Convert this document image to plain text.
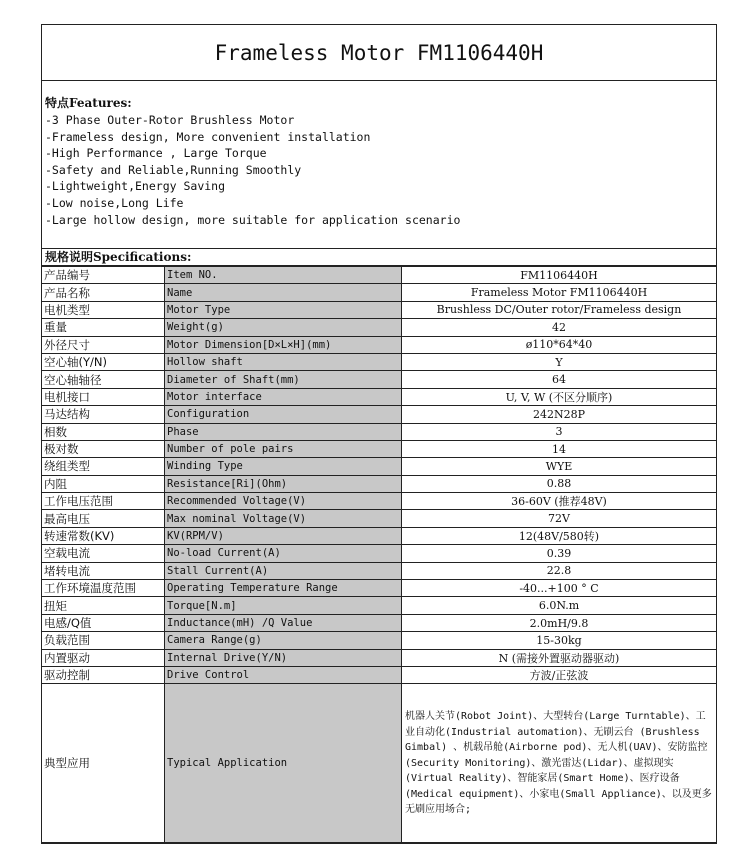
Frameless Motor FM1106440H
特点Features:
-3 Phase Outer-Rotor Brushless Motor
-Frameless design, More convenient installation
-High Performance , Large Torque
-Safety and Reliable,Running Smoothly
-Lightweight,Energy Saving
-Low noise,Long Life
-Large hollow design, more suitable for application scenario
规格说明Specifications:
产品编号	Item NO.	FM1106440H
产品名称	Name	Frameless Motor FM1106440H
电机类型	Motor Type	Brushless DC/Outer rotor/Frameless design
重量	Weight(g)	42
外径尺寸	Motor Dimension[D×L×H](mm)	ø110*64*40
空心轴(Y/N)	Hollow shaft	Y
空心轴轴径	Diameter of Shaft(mm)	64
电机接口	Motor interface	U, V, W (不区分顺序)
马达结构	Configuration	242N28P
相数	Phase	3
极对数	Number of pole pairs	14
绕组类型	Winding Type	WYE
内阻	Resistance[Ri](Ohm)	0.88
工作电压范围	Recommended Voltage(V)	36-60V (推荐48V)
最高电压	Max nominal Voltage(V)	72V
转速常数(KV)	KV(RPM/V)	12(48V/580转)
空载电流	No-load Current(A)	0.39
堵转电流	Stall Current(A)	22.8
工作环境温度范围	Operating Temperature Range	-40...+100 ° C
扭矩	Torque[N.m]	6.0N.m
电感/Q值	Inductance(mH) /Q Value	2.0mH/9.8
负载范围	Camera Range(g)	15-30kg
内置驱动	Internal Drive(Y/N)	N (需接外置驱动器驱动)
驱动控制	Drive Control	方波/正弦波
典型应用	Typical Application	机器人关节(Robot Joint)、大型转台(Large Turntable)、工业自动化(Industrial automation)、无刷云台 (Brushless Gimbal) 、机载吊舱(Airborne pod)、无人机(UAV)、安防监控(Security Monitoring)、激光雷达(Lidar)、虚拟现实(Virtual Reality)、智能家居(Smart Home)、医疗设备(Medical equipment)、小家电(Small Appliance)、以及更多无刷应用场合;
